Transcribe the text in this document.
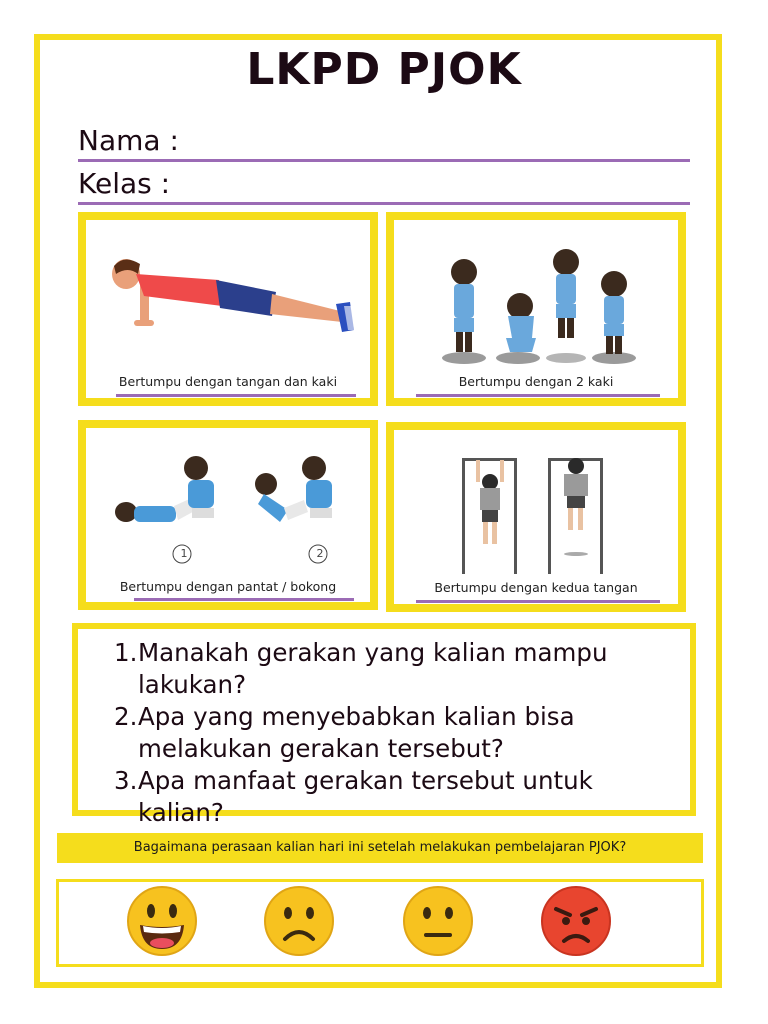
LKPD PJOK
Nama :
Kelas :
Bertumpu dengan tangan dan kaki	Bertumpu dengan 2 kaki
1	2
Bertumpu dengan pantat / bokong	Bertumpu dengan kedua tangan
1.Manakah gerakan yang kalian mampu lakukan?
2.Apa yang menyebabkan kalian bisa melakukan gerakan tersebut?
3.Apa manfaat gerakan tersebut untuk kalian?
Bagaimana perasaan kalian hari ini setelah melakukan pembelajaran PJOK?
